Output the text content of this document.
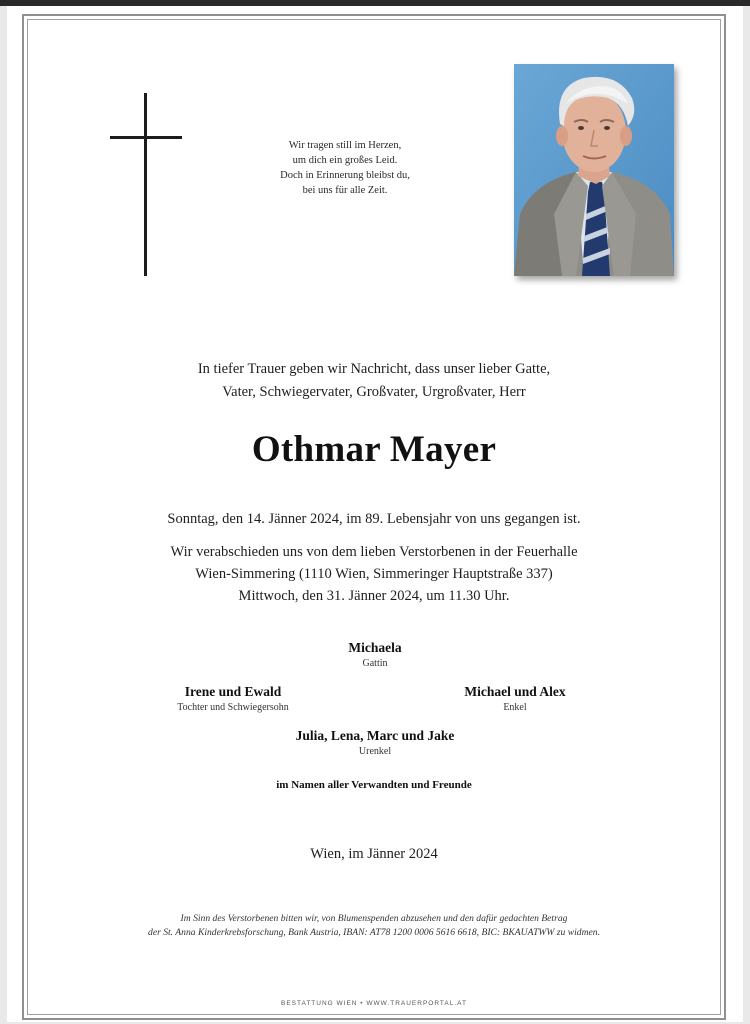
Wir tragen still im Herzen,
um dich ein großes Leid.
Doch in Erinnerung bleibst du,
bei uns für alle Zeit.
In tiefer Trauer geben wir Nachricht, dass unser lieber Gatte,
Vater, Schwiegervater, Großvater, Urgroßvater, Herr
Othmar Mayer
Sonntag, den 14. Jänner 2024, im 89. Lebensjahr von uns gegangen ist.
Wir verabschieden uns von dem lieben Verstorbenen in der Feuerhalle
Wien-Simmering (1110 Wien, Simmeringer Hauptstraße 337)
Mittwoch, den 31. Jänner 2024, um 11.30 Uhr.
Michaela
Gattin
Irene und Ewald
Tochter und Schwiegersohn
Michael und Alex
Enkel
Julia, Lena, Marc und Jake
Urenkel
im Namen aller Verwandten und Freunde
Wien, im Jänner 2024
Im Sinn des Verstorbenen bitten wir, von Blumenspenden abzusehen und den dafür gedachten Betrag
der St. Anna Kinderkrebsforschung, Bank Austria, IBAN: AT78 1200 0006 5616 6618, BIC: BKAUATWW zu widmen.
BESTATTUNG WIEN • WWW.TRAUERPORTAL.AT
